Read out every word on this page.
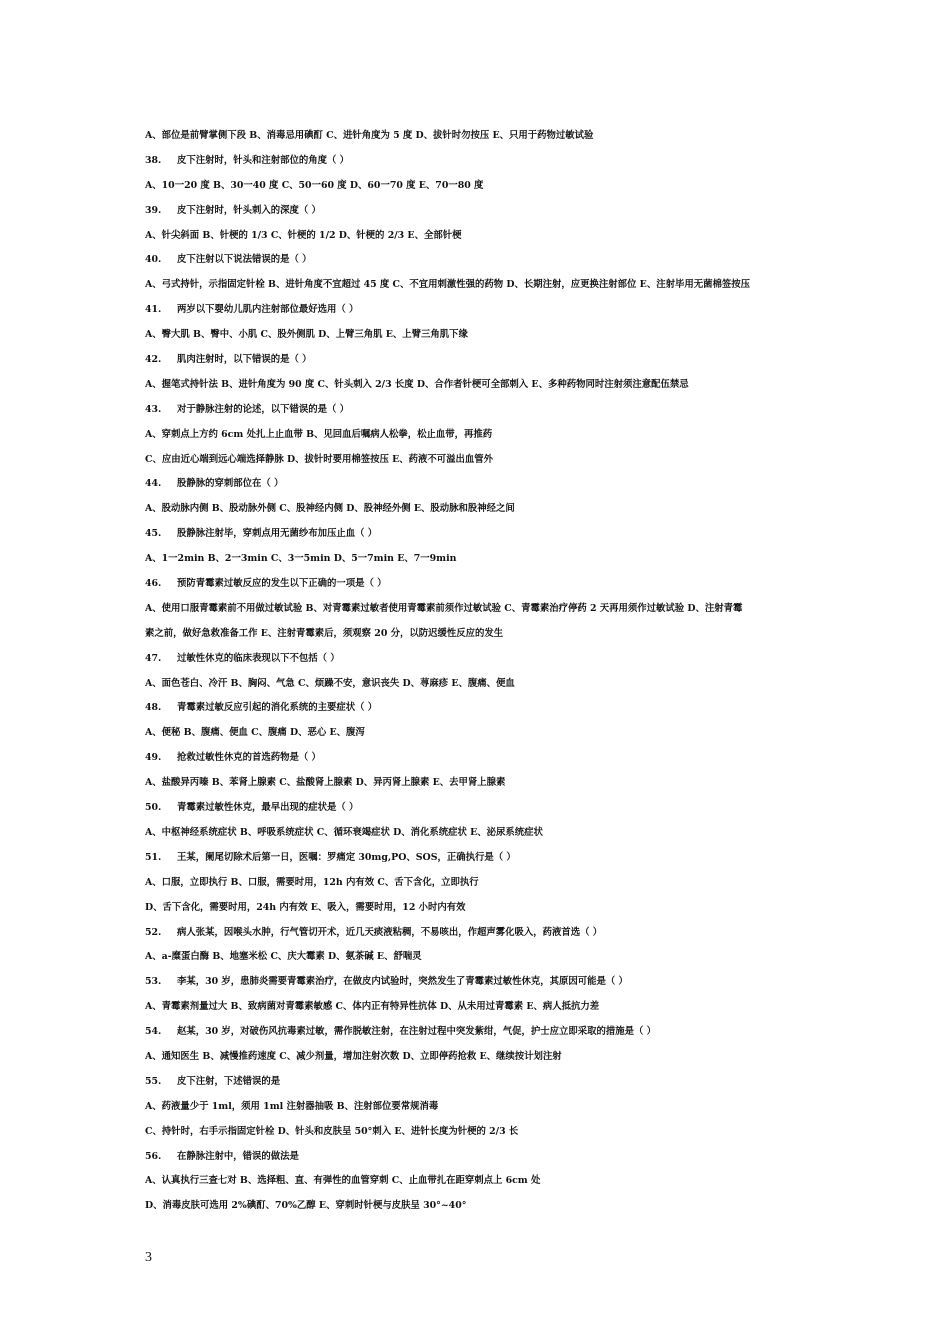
A、部位是前臂掌侧下段 B、消毒忌用碘酊 C、进针角度为 5 度 D、拔针时勿按压 E、只用于药物过敏试验
38. 皮下注射时，针头和注射部位的角度（ ）
A、10一20 度 B、30一40 度 C、50一60 度 D、60一70 度 E、70一80 度
39. 皮下注射时，针头刺入的深度（ ）
A、针尖斜面 B、针梗的 1/3 C、针梗的 1/2 D、针梗的 2/3 E、全部针梗
40. 皮下注射以下说法错误的是（ ）
A、弓式持针，示指固定针栓 B、进针角度不宜超过 45 度 C、不宜用刺激性强的药物 D、长期注射，应更换注射部位 E、注射毕用无菌棉签按压
41. 两岁以下婴幼儿肌内注射部位最好选用（ ）
A、臀大肌 B、臀中、小肌 C、股外侧肌 D、上臂三角肌 E、上臂三角肌下缘
42. 肌肉注射时，以下错误的是（ ）
A、握笔式持针法 B、进针角度为 90 度 C、针头刺入 2/3 长度 D、合作者针梗可全部刺入 E、多种药物同时注射须注意配伍禁忌
43. 对于静脉注射的论述，以下错误的是（ ）
A、穿刺点上方约 6cm 处扎上止血带 B、见回血后嘱病人松拳，松止血带，再推药
C、应由近心端到远心端选择静脉 D、拔针时要用棉签按压 E、药液不可溢出血管外
44. 股静脉的穿刺部位在（ ）
A、股动脉内侧 B、股动脉外侧 C、股神经内侧 D、股神经外侧 E、股动脉和股神经之间
45. 股静脉注射毕，穿刺点用无菌纱布加压止血（ ）
A、1一2min B、2一3min C、3一5min D、5一7min E、7一9min
46. 预防青霉素过敏反应的发生以下正确的一项是（ ）
A、使用口服青霉素前不用做过敏试验 B、对青霉素过敏者使用青霉素前须作过敏试验 C、青霉素治疗停药 2 天再用须作过敏试验 D、注射青霉
素之前，做好急救准备工作 E、注射青霉素后，须观察 20 分，以防迟缓性反应的发生
47. 过敏性休克的临床表现以下不包括（ ）
A、面色苍白、冷汗 B、胸闷、气急 C、烦躁不安，意识丧失 D、荨麻疹 E、腹痛、便血
48. 青霉素过敏反应引起的消化系统的主要症状（ ）
A、便秘 B、腹痛、便血 C、腹痛 D、恶心 E、腹泻
49. 抢救过敏性休克的首选药物是（ ）
A、盐酸异丙嗪 B、苯肾上腺素 C、盐酸肾上腺素 D、异丙肾上腺素 E、去甲肾上腺素
50. 青霉素过敏性休克，最早出现的症状是（ ）
A、中枢神经系统症状 B、呼吸系统症状 C、循环衰竭症状 D、消化系统症状 E、泌尿系统症状
51. 王某，阑尾切除术后第一日，医嘱：罗痛定 30mg,PO、SOS，正确执行是（ ）
A、口服，立即执行 B、口服，需要时用，12h 内有效 C、舌下含化，立即执行
D、舌下含化，需要时用，24h 内有效 E、吸入，需要时用，12 小时内有效
52. 病人张某，因喉头水肿，行气管切开术，近几天痰液粘稠，不易咳出，作超声雾化吸入，药液首选（ ）
A、a-糜蛋白酶 B、地塞米松 C、庆大霉素 D、氨茶碱 E、舒喘灵
53. 李某，30 岁，患肺炎需要青霉素治疗，在做皮内试验时，突然发生了青霉素过敏性休克，其原因可能是（ ）
A、青霉素剂量过大 B、致病菌对青霉素敏感 C、体内正有特异性抗体 D、从未用过青霉素 E、病人抵抗力差
54. 赵某，30 岁，对破伤风抗毒素过敏，需作脱敏注射，在注射过程中突发紫绀，气促，护士应立即采取的措施是（ ）
A、通知医生 B、减慢推药速度 C、减少剂量，增加注射次数 D、立即停药抢救 E、继续按计划注射
55. 皮下注射，下述错误的是
A、药液量少于 1ml，须用 1ml 注射器抽吸 B、注射部位要常规消毒
C、持针时，右手示指固定针栓 D、针头和皮肤呈 50°刺入 E、进针长度为针梗的 2/3 长
56. 在静脉注射中，错误的做法是
A、认真执行三查七对 B、选择粗、直、有弹性的血管穿刺 C、止血带扎在距穿刺点上 6cm 处
D、消毒皮肤可选用 2%碘酊、70%乙醇 E、穿刺时针梗与皮肤呈 30°~40°
3
